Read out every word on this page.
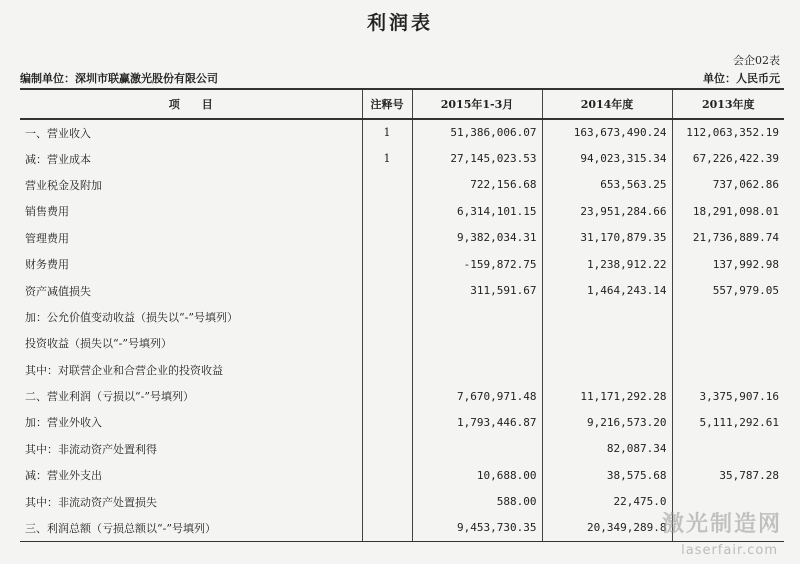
利润表
会企02表
编制单位：深圳市联赢激光股份有限公司	单位：人民币元
项　　目	注释号	2015年1-3月	2014年度	2013年度
一、营业收入	1	51,386,006.07	163,673,490.24	112,063,352.19
减：营业成本	1	27,145,023.53	94,023,315.34	67,226,422.39
营业税金及附加		722,156.68	653,563.25	737,062.86
销售费用		6,314,101.15	23,951,284.66	18,291,098.01
管理费用		9,382,034.31	31,170,879.35	21,736,889.74
财务费用		-159,872.75	1,238,912.22	137,992.98
资产减值损失		311,591.67	1,464,243.14	557,979.05
加：公允价值变动收益（损失以“-”号填列）				
投资收益（损失以“-”号填列）				
其中：对联营企业和合营企业的投资收益				
二、营业利润（亏损以“-”号填列）		7,670,971.48	11,171,292.28	3,375,907.16
加：营业外收入		1,793,446.87	9,216,573.20	5,111,292.61
其中：非流动资产处置利得			82,087.34	
减：营业外支出		10,688.00	38,575.68	35,787.28
其中：非流动资产处置损失		588.00	22,475.0	
三、利润总额（亏损总额以“-”号填列）		9,453,730.35	20,349,289.8	
激光制造网
laserfair.com
